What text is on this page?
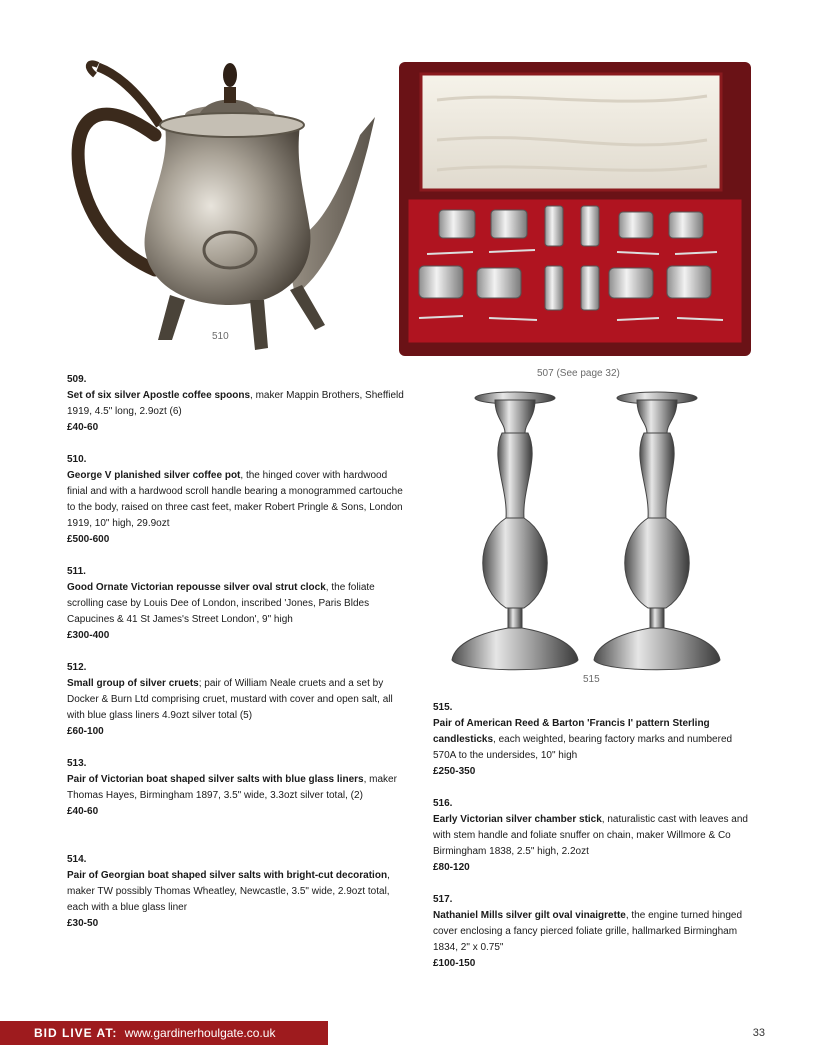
510
507 (See page 32)
515
509.
Set of six silver Apostle coffee spoons, maker Mappin Brothers, Sheffield 1919, 4.5" long, 2.9ozt (6)
£40-60
510.
George V planished silver coffee pot, the hinged cover with hardwood finial and with a hardwood scroll handle bearing a monogrammed cartouche to the body, raised on three cast feet, maker Robert Pringle & Sons, London 1919, 10" high, 29.9ozt
£500-600
511.
Good Ornate Victorian repousse silver oval strut clock, the foliate scrolling case by Louis Dee of London, inscribed 'Jones, Paris Bldes Capucines & 41 St James's Street London', 9" high
£300-400
512.
Small group of silver cruets; pair of William Neale cruets and a set by Docker & Burn Ltd comprising cruet, mustard with cover and open salt, all with blue glass liners 4.9ozt silver total (5)
£60-100
513.
Pair of Victorian boat shaped silver salts with blue glass liners, maker Thomas Hayes, Birmingham 1897, 3.5" wide, 3.3ozt silver total, (2)
£40-60
514.
Pair of Georgian boat shaped silver salts with bright-cut decoration, maker TW possibly Thomas Wheatley, Newcastle, 3.5" wide, 2.9ozt total, each with a blue glass liner
£30-50
515.
Pair of American Reed & Barton 'Francis I' pattern Sterling candlesticks, each weighted, bearing factory marks and numbered 570A to the undersides, 10" high
£250-350
516.
Early Victorian silver chamber stick, naturalistic cast with leaves and with stem handle and foliate snuffer on chain, maker Willmore & Co Birmingham 1838, 2.5" high, 2.2ozt
£80-120
517.
Nathaniel Mills silver gilt oval vinaigrette, the engine turned hinged cover enclosing a fancy pierced foliate grille, hallmarked Birmingham 1834, 2" x 0.75"
£100-150
BID LIVE AT: www.gardinerhoulgate.co.uk	33
